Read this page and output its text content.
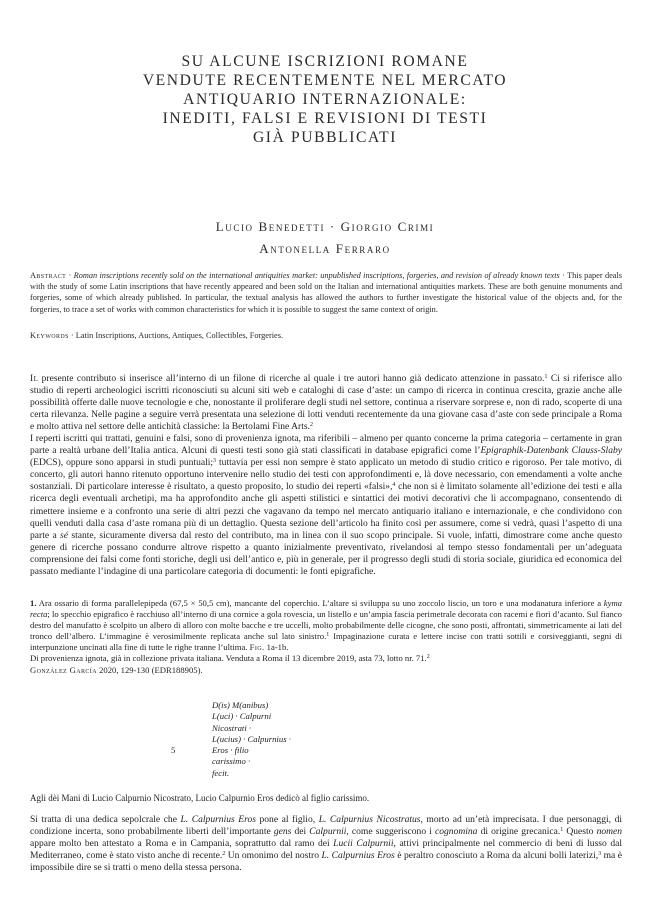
SU ALCUNE ISCRIZIONI ROMANE
VENDUTE RECENTEMENTE NEL MERCATO
ANTIQUARIO INTERNAZIONALE:
INEDITI, FALSI E REVISIONI DI TESTI
GIÀ PUBBLICATI
Lucio Benedetti · Giorgio Crimi
Antonella Ferraro
Abstract · Roman inscriptions recently sold on the international antiquities market: unpublished inscriptions, forgeries, and revision of already known texts · This paper deals with the study of some Latin inscriptions that have recently appeared and been sold on the Italian and international antiquities markets. These are both genuine monuments and forgeries, some of which already published. In particular, the textual analysis has allowed the authors to further investigate the historical value of the objects and, for the forgeries, to trace a set of works with common characteristics for which it is possible to suggest the same context of origin.
Keywords · Latin Inscriptions, Auctions, Antiques, Collectibles, Forgeries.

Il presente contributo si inserisce all’interno di un filone di ricerche al quale i tre autori hanno già dedicato attenzione in passato.$^1$ Ci si riferisce allo studio di reperti archeologici iscritti riconosciuti su alcuni siti web e cataloghi di case d’aste: un campo di ricerca in continua crescita, grazie anche alle possibilità offerte dalle nuove tecnologie e che, nonostante il proliferare degli studi nel settore, continua a riservare sorprese e, non di rado, scoperte di una certa rilevanza. Nelle pagine a seguire verrà presentata una selezione di lotti venduti recentemente da una giovane casa d’aste con sede principale a Roma e molto attiva nel settore delle antichità classiche: la Bertolami Fine Arts.$^2$

I reperti iscritti qui trattati, genuini e falsi, sono di provenienza ignota, ma riferibili – almeno per quanto concerne la prima categoria – certamente in gran parte a realtà urbane dell’Italia antica. Alcuni di questi testi sono già stati classificati in database epigrafici come l’Epigraphik-Datenbank Clauss-Slaby (EDCS), oppure sono apparsi in studi puntuali;$^3$ tuttavia per essi non sempre è stato applicato un metodo di studio critico e rigoroso. Per tale motivo, di concerto, gli autori hanno ritenuto opportuno intervenire nello studio dei testi con approfondimenti e, là dove necessario, con emendamenti a volte anche sostanziali. Di particolare interesse è risultato, a questo proposito, lo studio dei reperti «falsi»,$^4$ che non si è limitato solamente all’edizione dei testi e alla ricerca degli eventuali archetipi, ma ha approfondito anche gli aspetti stilistici e sintattici dei motivi decorativi che li accompagnano, consentendo di rimettere insieme e a confronto una serie di altri pezzi che vagavano da tempo nel mercato antiquario italiano e internazionale, e che condividono con quelli venduti dalla casa d’aste romana più di un dettaglio. Questa sezione dell’articolo ha finito così per assumere, come si vedrà, quasi l’aspetto di una parte a sé stante, sicuramente diversa dal resto del contributo, ma in linea con il suo scopo principale. Si vuole, infatti, dimostrare come anche questo genere di ricerche possano condurre altrove rispetto a quanto inizialmente preventivato, rivelandosi al tempo stesso fondamentali per un’adeguata comprensione dei falsi come fonti storiche, degli usi dell’antico e, più in generale, per il progresso degli studi di storia sociale, giuridica ed economica del passato mediante l’indagine di una particolare categoria di documenti: le fonti epigrafiche.

1. Ara ossario di forma parallelepipeda (67,5 × 50,5 cm), mancante del coperchio. L’altare si sviluppa su uno zoccolo liscio, un toro e una modanatura inferiore a kyma recta; lo specchio epigrafico è racchiuso all’interno di una cornice a gola rovescia, un listello e un’ampia fascia perimetrale decorata con racemi e fiori d’acanto. Sul fianco destro del manufatto è scolpito un albero di alloro con molte bacche e tre uccelli, molto probabilmente delle cicogne, che sono posti, affrontati, simmetricamente ai lati del tronco dell’albero. L’immagine è verosimilmente replicata anche sul lato sinistro.$^1$ Impaginazione curata e lettere incise con tratti sottili e corsiveggianti, segni di interpunzione uncinati alla fine di tutte le righe tranne l’ultima. Fig. 1a-1b.

Di provenienza ignota, già in collezione privata italiana. Venduta a Roma il 13 dicembre 2019, asta 73, lotto nr. 71.$^2$

González García 2020, 129-130 (EDR188905).

D(is) M(anibus)
L(uci) · Calpurni
Nicostrati ·
L(ucius) · Calpurnius ·
5	Eros · filio
carissimo ·
fecit.
Agli dèi Mani di Lucio Calpurnio Nicostrato, Lucio Calpurnio Eros dedicò al figlio carissimo.
Si tratta di una dedica sepolcrale che L. Calpurnius Eros pone al figlio, L. Calpurnius Nicostratus, morto ad un’età imprecisata. I due personaggi, di condizione incerta, sono probabilmente liberti dell’importante gens dei Calpurnii, come suggeriscono i cognomina di origine grecanica.$^1$ Questo nomen appare molto ben attestato a Roma e in Campania, soprattutto dal ramo dei Lucii Calpurnii, attivi principalmente nel commercio di beni di lusso dal Mediterraneo, come è stato visto anche di recente.$^2$ Un omonimo del nostro L. Calpurnius Eros è peraltro conosciuto a Roma da alcuni bolli laterizi,$^3$ ma è impossibile dire se si tratti o meno della stessa persona.
